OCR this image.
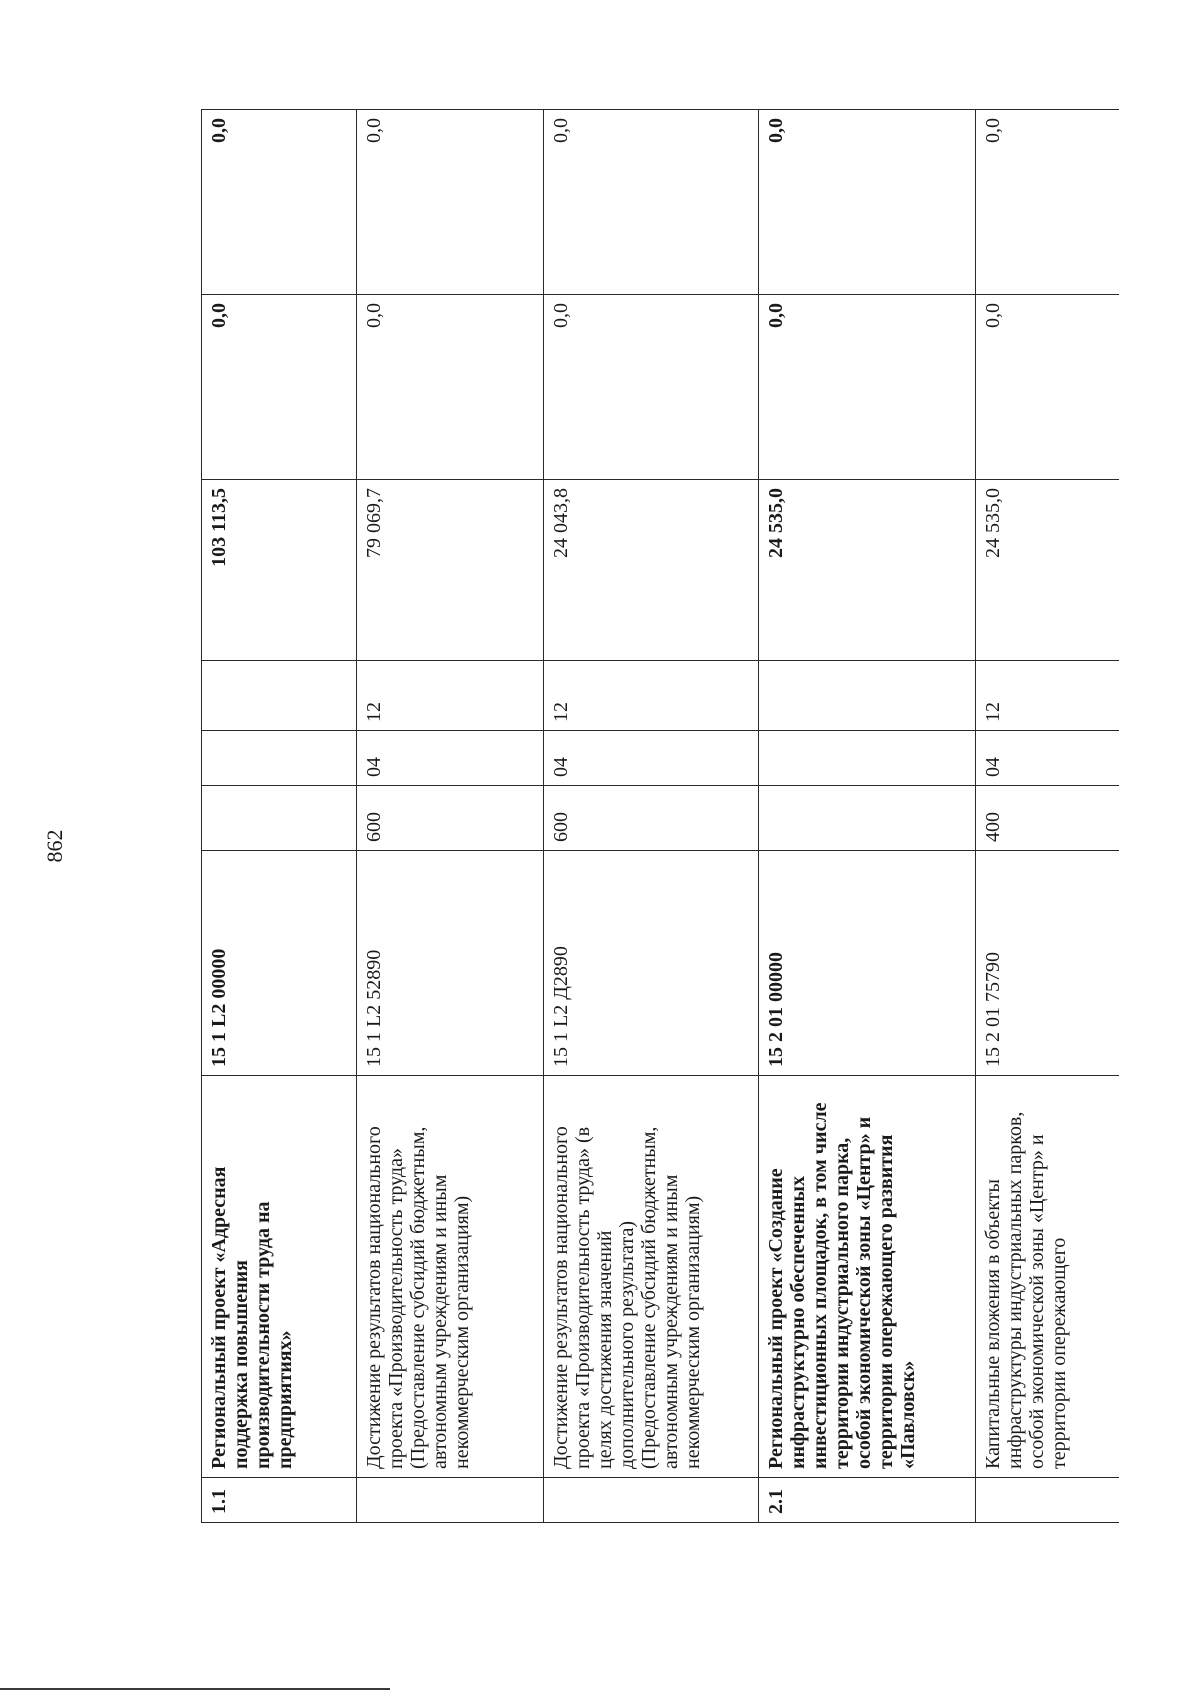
862
1.1	Региональный проект «Адресная поддержка повышения производительности труда на предприятиях»	15 1 L2 00000				103 113,5	0,0	0,0
	Достижение результатов национального проекта «Производительность труда» (Предоставление субсидий бюджетным, автономным учреждениям и иным некоммерческим организациям)	15 1 L2 52890	600	04	12	79 069,7	0,0	0,0
	Достижение результатов национального проекта «Производительность труда» (в целях достижения значений дополнительного результата) (Предоставление субсидий бюджетным, автономным учреждениям и иным некоммерческим организациям)	15 1 L2 Д2890	600	04	12	24 043,8	0,0	0,0
2.1	Региональный проект «Создание инфраструктурно обеспеченных инвестиционных площадок, в том числе территории индустриального парка, особой экономической зоны «Центр» и территории опережающего развития «Павловск»	15 2 01 00000				24 535,0	0,0	0,0
	Капитальные вложения в объекты инфраструктуры индустриальных парков, особой экономической зоны «Центр» и территории опережающего	15 2 01 75790	400	04	12	24 535,0	0,0	0,0
